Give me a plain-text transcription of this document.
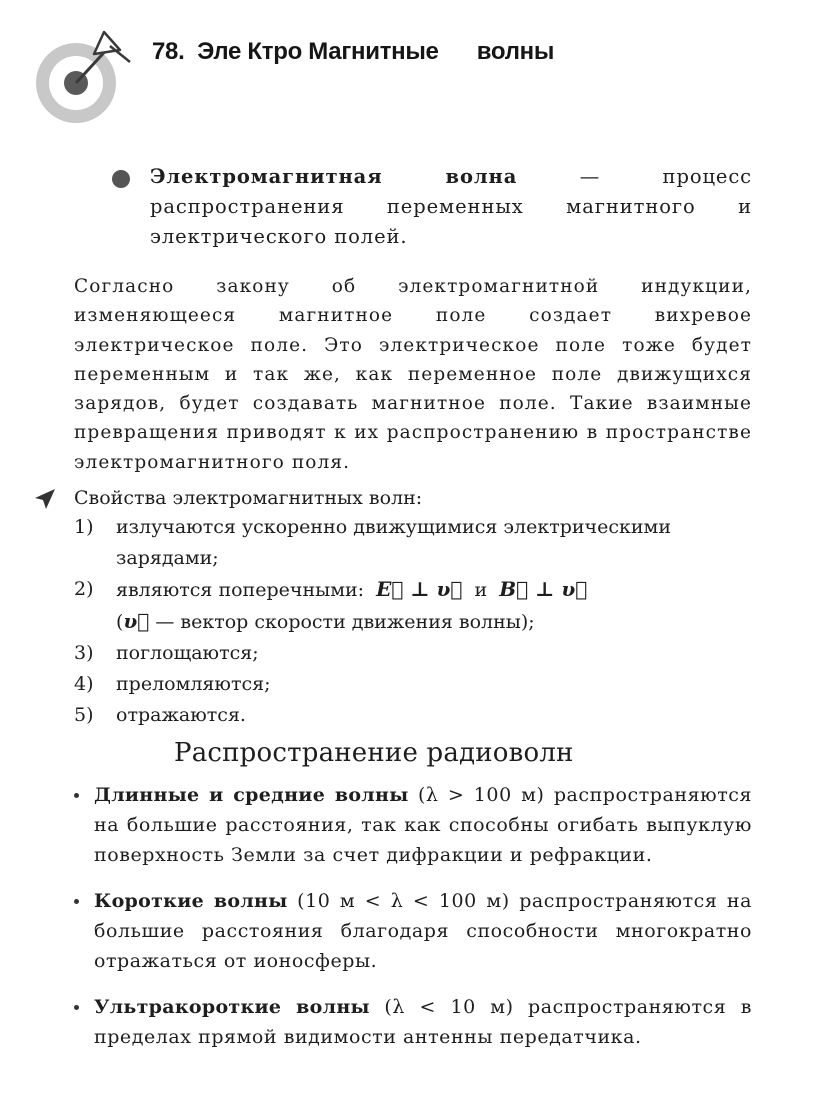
78.  Эле Ктро Магнитные      волны
Электромагнитная волна — процесс распространения переменных магнитного и электрического полей.
Согласно закону об электромагнитной индукции, изменяющееся магнитное поле создает вихревое электрическое поле. Это электрическое поле тоже будет переменным и так же, как переменное поле движущихся зарядов, будет создавать магнитное поле. Такие взаимные превращения приводят к их распространению в пространстве электромагнитного поля.
Свойства электромагнитных волн:
1) излучаются ускоренно движущимися электрическими зарядами;
2) являются поперечными: E⃗ ⊥ υ⃗ и B⃗ ⊥ υ⃗
(υ⃗ — вектор скорости движения волны);
3) поглощаются;
4) преломляются;
5) отражаются.
Распространение радиоволн
Длинные и средние волны (λ > 100 м) распространяются на большие расстояния, так как способны огибать выпуклую поверхность Земли за счет дифракции и рефракции.
Короткие волны (10 м < λ < 100 м) распространяются на большие расстояния благодаря способности многократно отражаться от ионосферы.
Ультракороткие волны (λ < 10 м) распространяются в пределах прямой видимости антенны передатчика.
